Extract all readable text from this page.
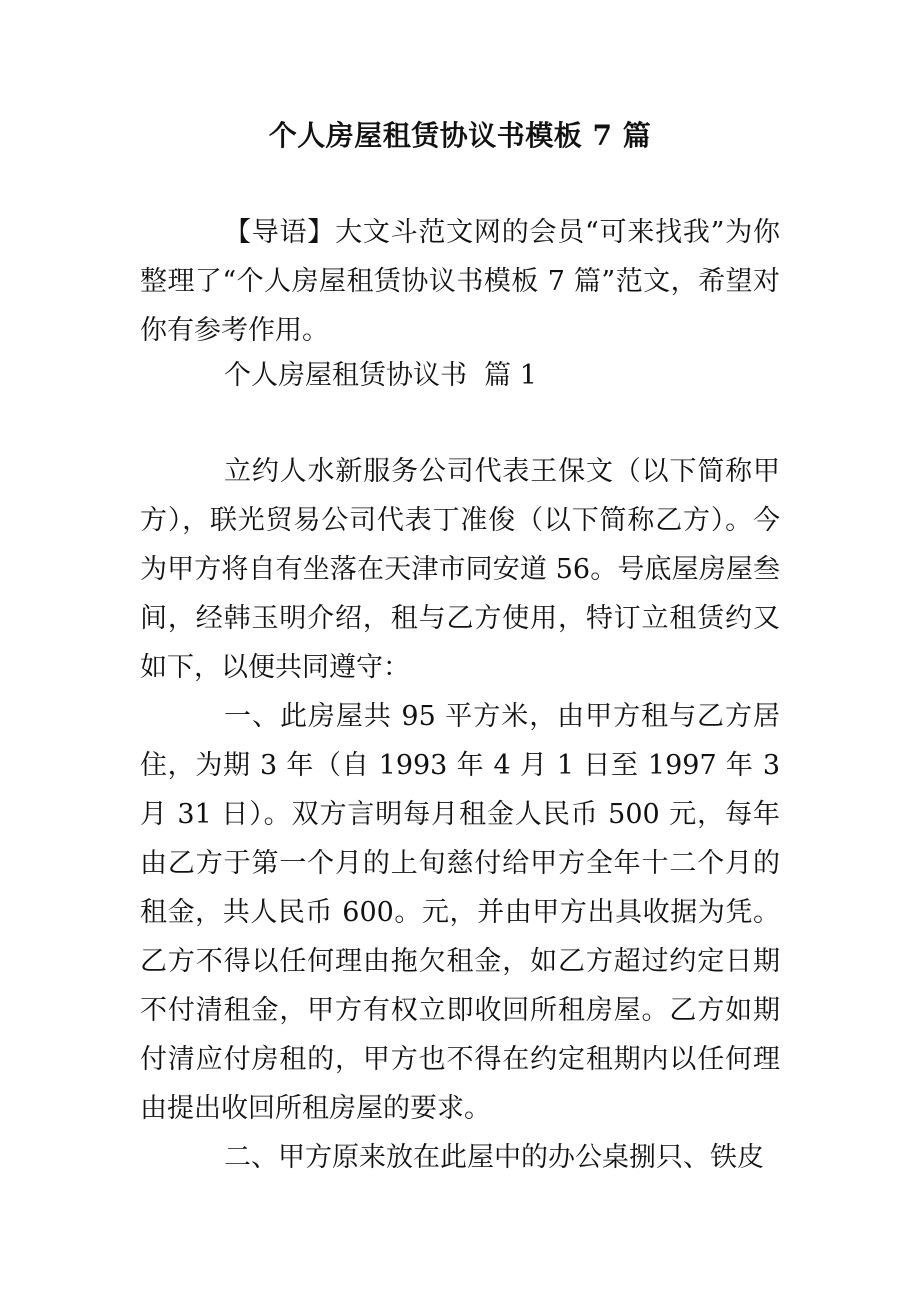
个人房屋租赁协议书模板 7 篇

【导语】大文斗范文网的会员“可来找我”为你整理了“个人房屋租赁协议书模板 7 篇”范文，希望对你有参考作用。

个人房屋租赁协议书  篇 1

立约人水新服务公司代表王保文（以下简称甲方），联光贸易公司代表丁准俊（以下简称乙方）。今为甲方将自有坐落在天津市同安道 56。号底屋房屋叁间，经韩玉明介绍，租与乙方使用，特订立租赁约又如下，以便共同遵守：

一、此房屋共 95 平方米，由甲方租与乙方居住，为期 3 年（自 1993 年 4 月 1 日至 1997 年 3 月 31 日）。双方言明每月租金人民币 500 元，每年由乙方于第一个月的上旬慈付给甲方全年十二个月的租金，共人民币 600。元，并由甲方出具收据为凭。乙方不得以任何理由拖欠租金，如乙方超过约定日期不付清租金，甲方有权立即收回所租房屋。乙方如期付清应付房租的，甲方也不得在约定租期内以任何理由提出收回所租房屋的要求。

二、甲方原来放在此屋中的办公桌捌只、铁皮
